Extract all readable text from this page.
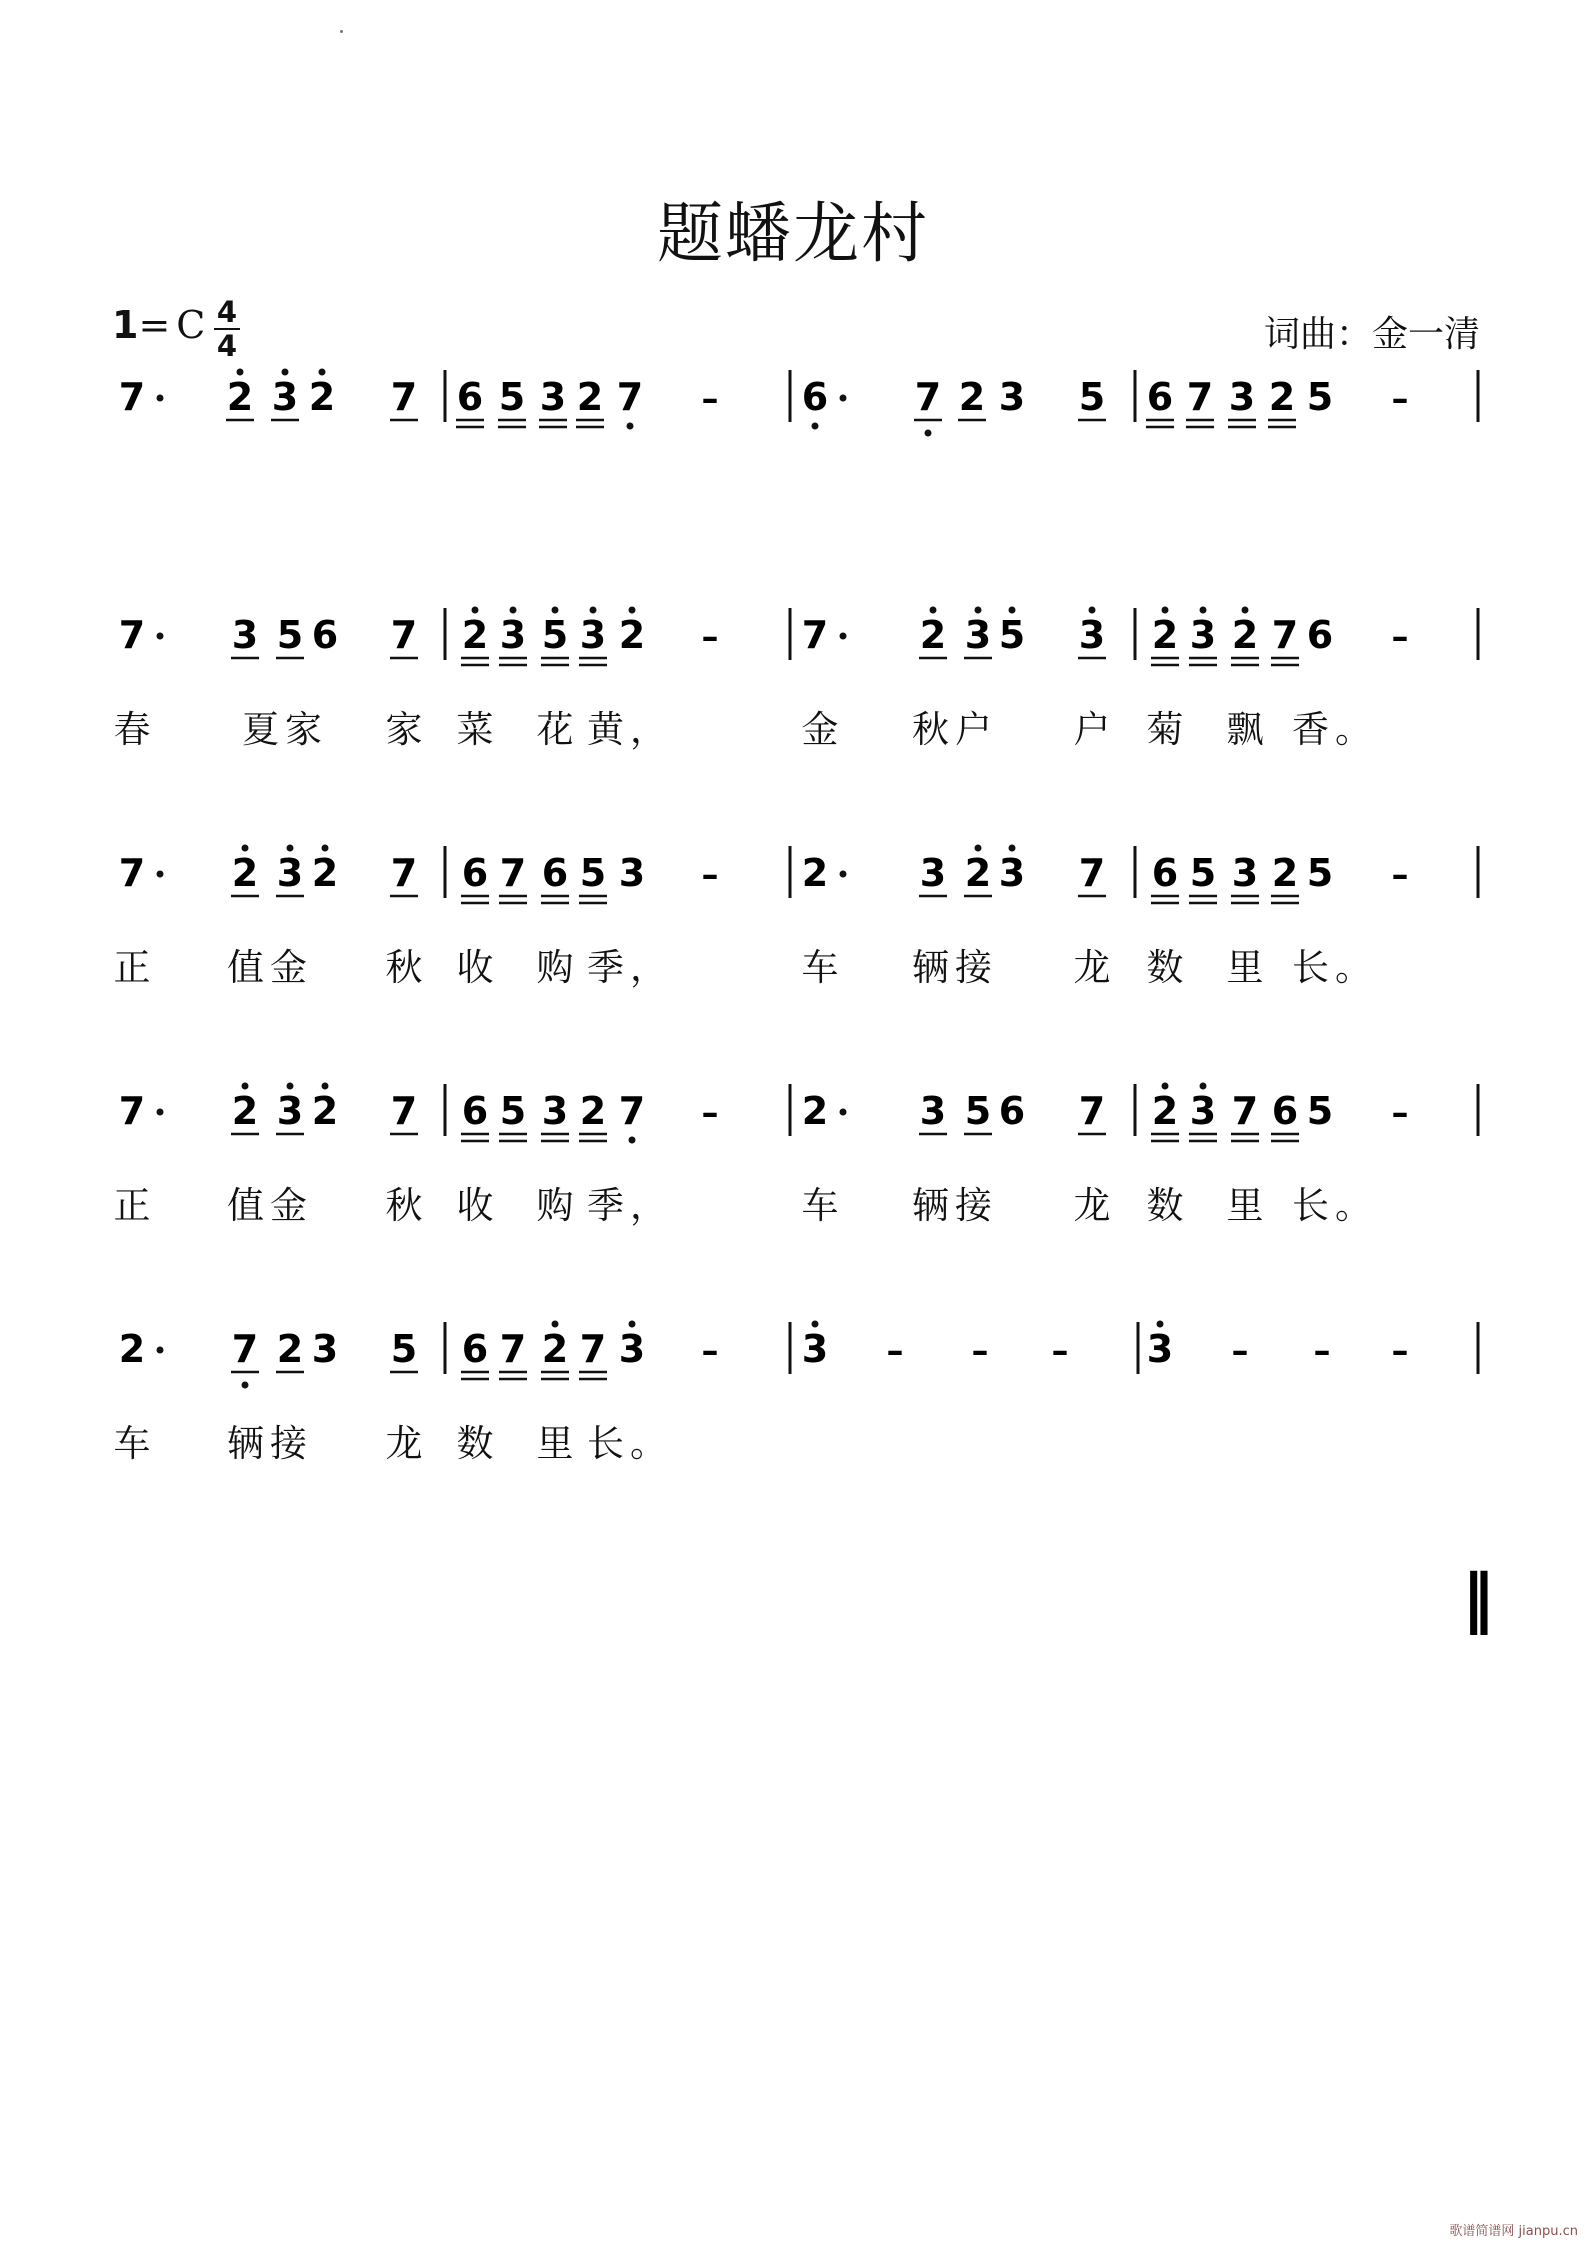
题蟠龙村
1= C 4
4	词曲：金一清
7 2 3 2 7 6 5 3 2 7 – 6 7 2 3 5 6 7 3 2 5 –
7 3 5 6 7 2 3 5 3 2 – 7 2 3 5 3 2 3 2 7 6 –
7 2 3 2 7 6 7 6 5 3 – 2 3 2 3 7 6 5 3 2 5 –
7 2 3 2 7 6 5 3 2 7 – 2 3 5 6 7 2 3 7 6 5 –
2 7 2 3 5 6 7 2 7 3 – 3 – – – 3 – – –
‖
春 夏家 家 菜 花 黄，	金 秋户 户 菊 飘 香。
正 值金 秋 收 购 季，	车 辆接 龙 数 里 长。
正 值金 秋 收 购 季，	车 辆接 龙 数 里 长。
车 辆接 龙 数 里 长。
歌谱简谱网 jianpu.cn
